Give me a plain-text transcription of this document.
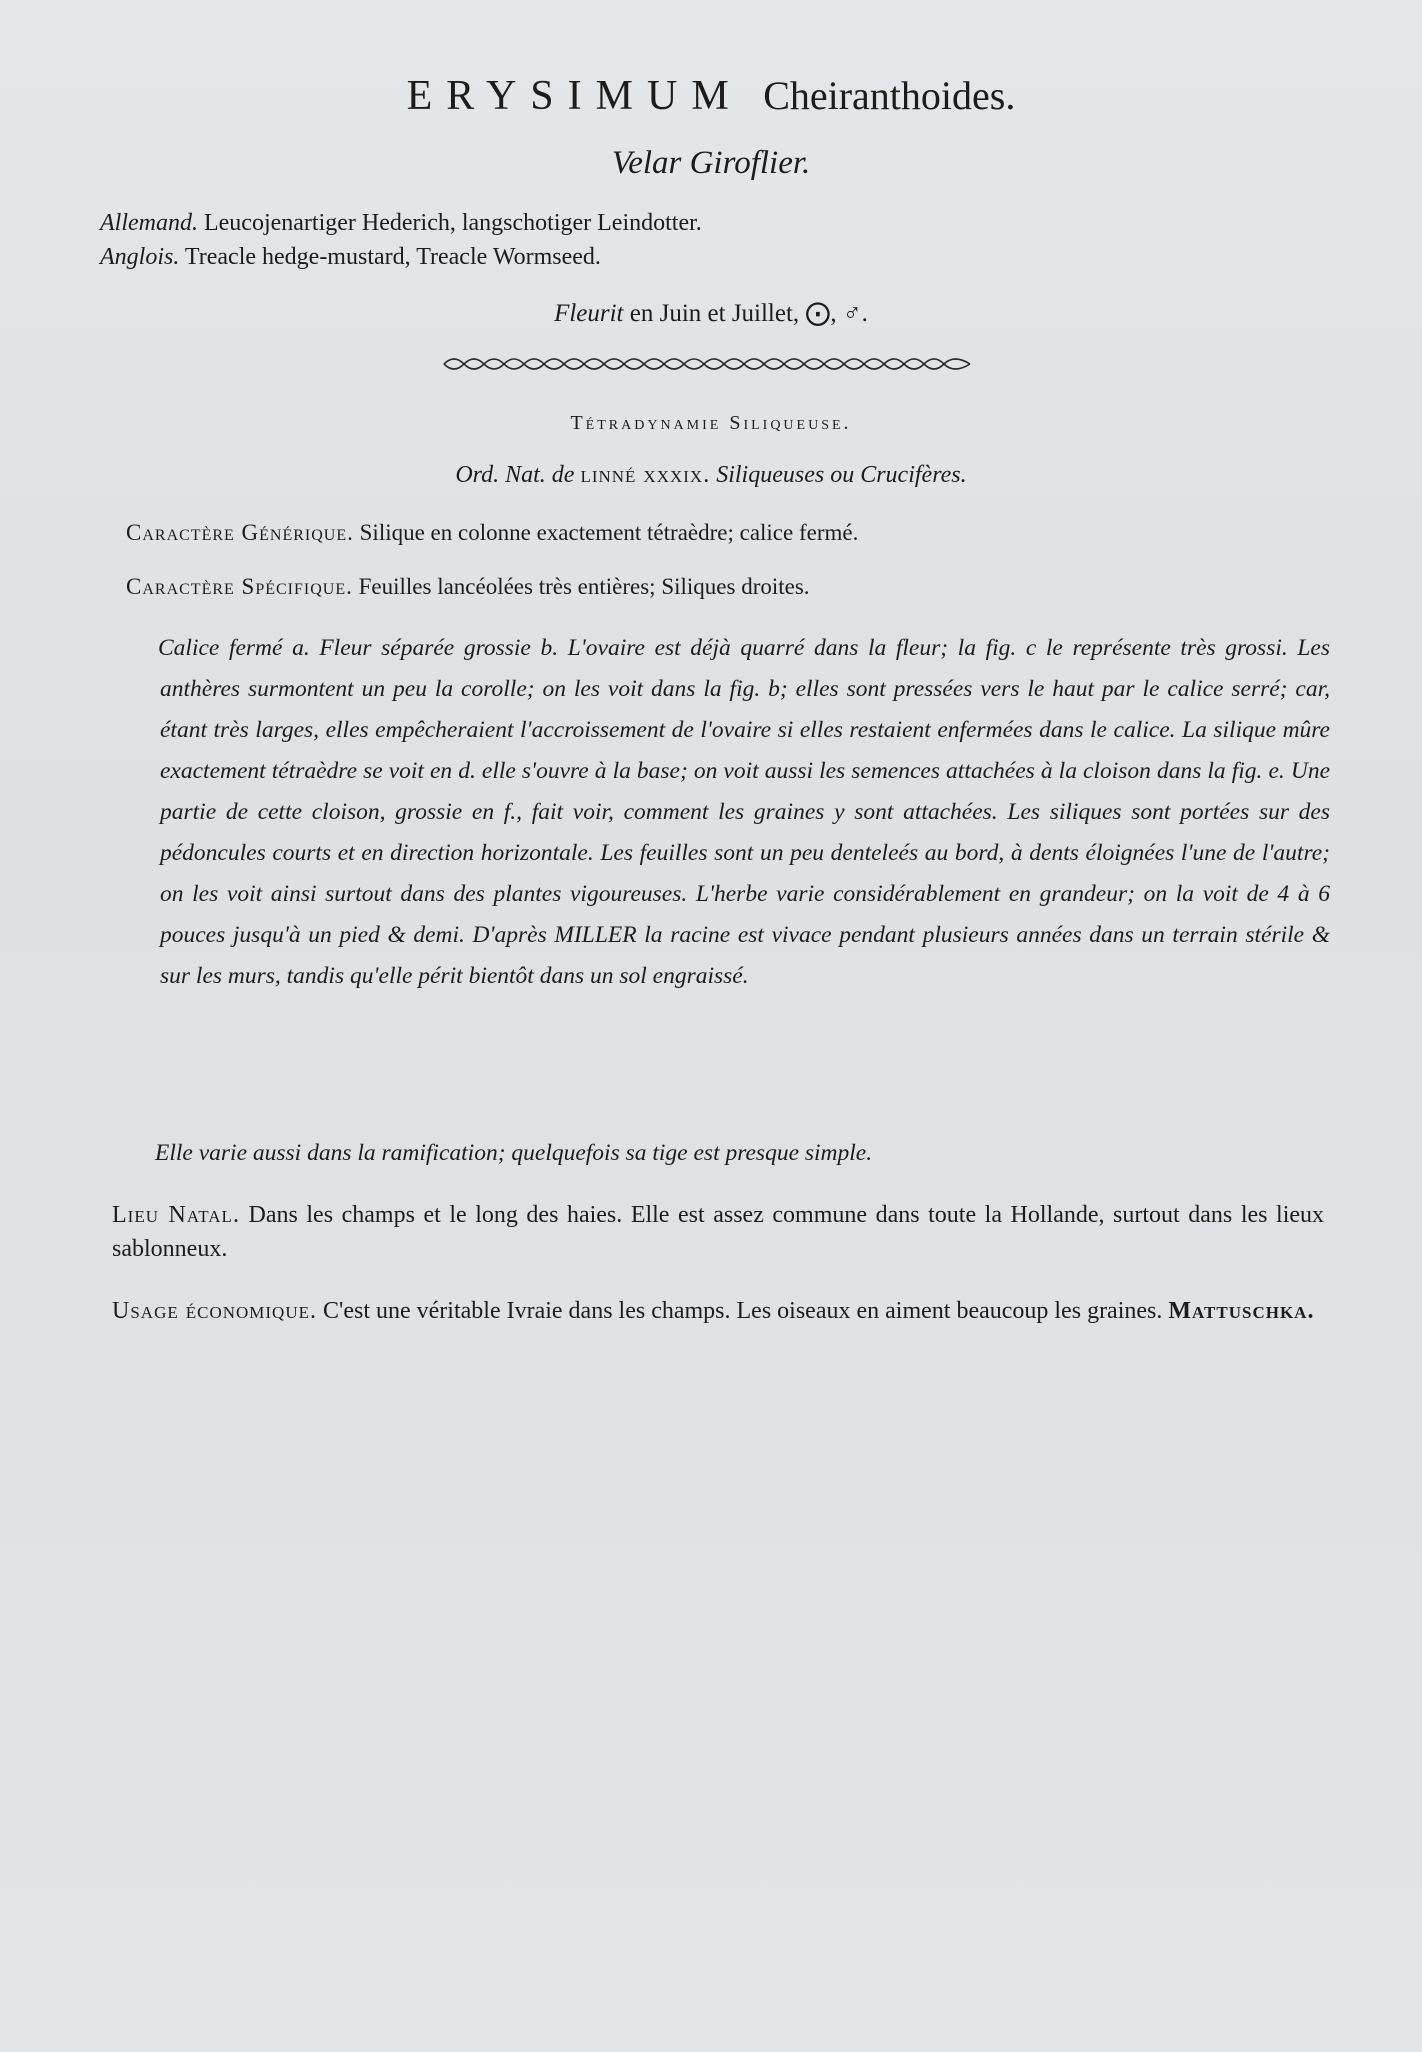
ERYSIMUM Cheiranthoides.
Velar Giroflier.
Allemand. Leucojenartiger Hederich, langschotiger Leindotter.
Anglois. Treacle hedge-mustard, Treacle Wormseed.
Fleurit en Juin et Juillet, ⨀, ♂.
Tétradynamie Siliqueuse.
Ord. Nat. de linné xxxix. Siliqueuses ou Crucifères.
Caractère Générique. Silique en colonne exactement tétraèdre; calice fermé.
Caractère Spécifique. Feuilles lancéolées très entières; Siliques droites.
Calice fermé a. Fleur séparée grossie b. L'ovaire est déjà quarré dans la fleur; la fig. c le représente très grossi. Les anthères surmontent un peu la corolle; on les voit dans la fig. b; elles sont pressées vers le haut par le calice serré; car, étant très larges, elles empêcheraient l'accroissement de l'ovaire si elles restaient enfermées dans le calice. La silique mûre exactement tétraèdre se voit en d. elle s'ouvre à la base; on voit aussi les semences attachées à la cloison dans la fig. e. Une partie de cette cloison, grossie en f., fait voir, comment les graines y sont attachées. Les siliques sont portées sur des pédoncules courts et en direction horizontale. Les feuilles sont un peu denteleés au bord, à dents éloignées l'une de l'autre; on les voit ainsi surtout dans des plantes vigoureuses. L'herbe varie considérablement en grandeur; on la voit de 4 à 6 pouces jusqu'à un pied & demi. D'après MILLER la racine est vivace pendant plusieurs années dans un terrain stérile & sur les murs, tandis qu'elle périt bientôt dans un sol engraissé.
Elle varie aussi dans la ramification; quelquefois sa tige est presque simple.
Lieu Natal. Dans les champs et le long des haies. Elle est assez commune dans toute la Hollande, surtout dans les lieux sablonneux.
Usage économique. C'est une véritable Ivraie dans les champs. Les oiseaux en aiment beaucoup les graines. Mattuschka.
